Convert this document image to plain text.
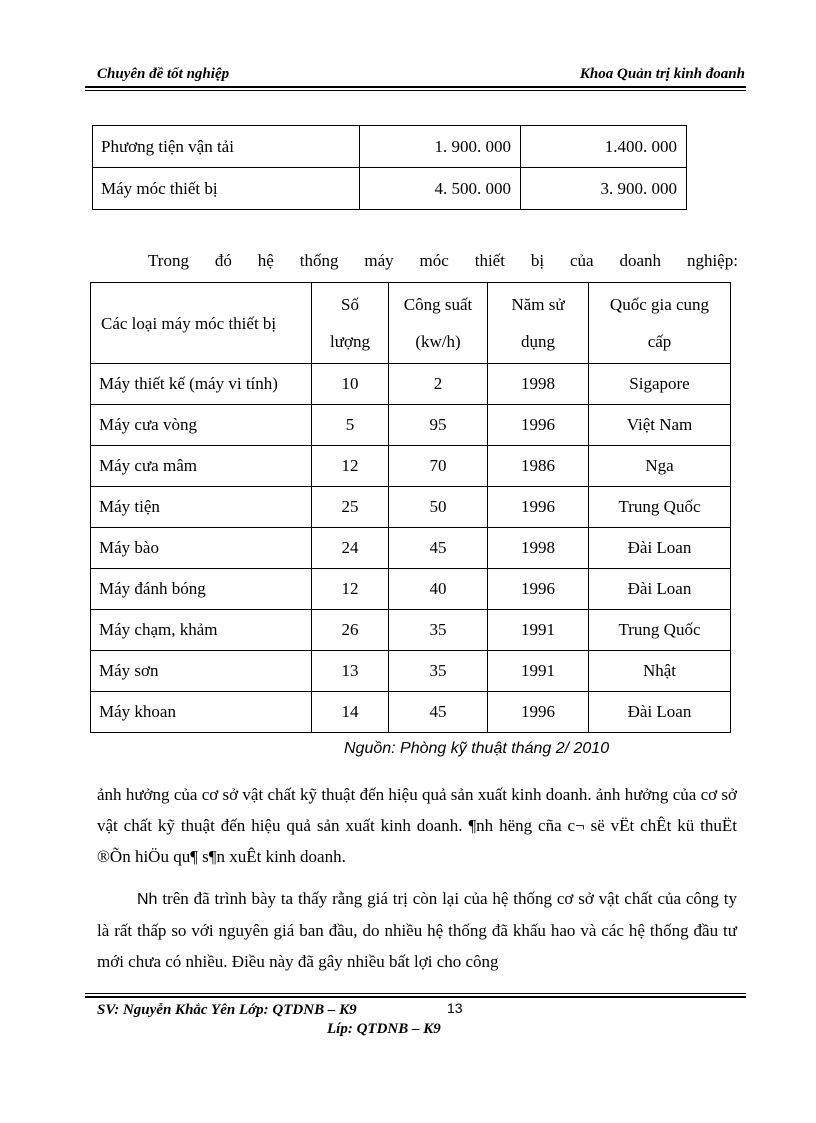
Chuyên đề tốt nghiệp	Khoa Quản trị kinh đoanh
Phương tiện vận tải	1. 900. 000	1.400. 000
Máy móc thiết bị	4. 500. 000	3. 900. 000
Trong đó hệ thống máy móc thiết bị của doanh nghiệp:
Các loại máy móc thiết bị	Số lượng	Công suất (kw/h)	Năm sử dụng	Quốc gia cung cấp
Máy thiết kế (máy vi tính)	10	2	1998	Sigapore
Máy cưa vòng	5	95	1996	Việt Nam
Máy cưa mâm	12	70	1986	Nga
Máy tiện	25	50	1996	Trung Quốc
Máy bào	24	45	1998	Đài Loan
Máy đánh bóng	12	40	1996	Đài Loan
Máy chạm, khảm	26	35	1991	Trung Quốc
Máy sơn	13	35	1991	Nhật
Máy khoan	14	45	1996	Đài Loan
Nguồn: Phòng kỹ thuật tháng 2/ 2010
ảnh hưởng của cơ sở vật chất kỹ thuật đến hiệu quả sản xuất kinh doanh. ảnh hưởng của cơ sở vật chất kỹ thuật đến hiệu quả sản xuất kinh doanh. ¶nh hëng cña c¬ së vËt chÊt kü thuËt ®Õn hiÖu qu¶ s¶n xuÊt kinh doanh.
Nh trên đã trình bày ta thấy rằng giá trị còn lại của hệ thống cơ sở vật chất của công ty là rất thấp so với nguyên giá ban đầu, do nhiều hệ thống đã khấu hao và các hệ thống đầu tư mới chưa có nhiều. Điều này đã gây nhiều bất lợi cho công
SV: Nguyễn Khắc Yên Lớp: QTDNB – K9	13
Líp: QTDNB – K9
